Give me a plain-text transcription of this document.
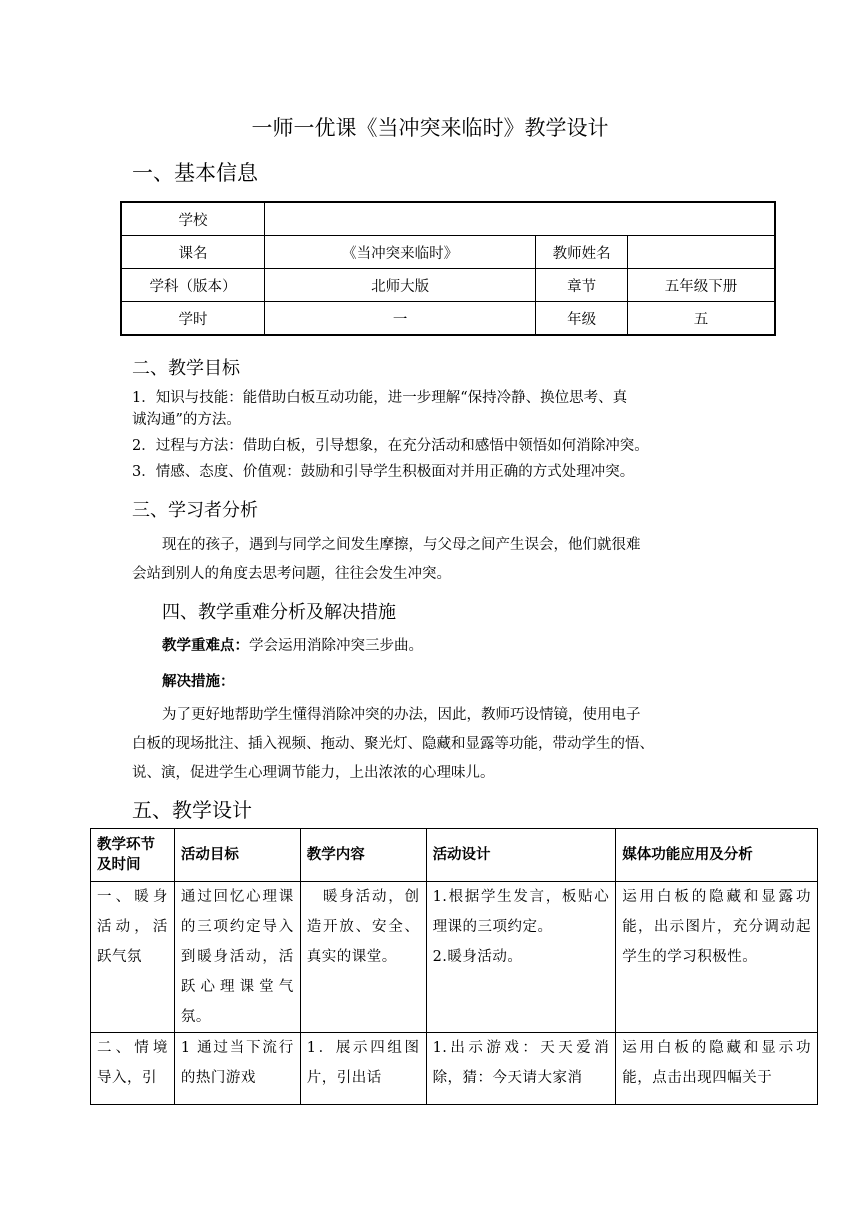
一师一优课《当冲突来临时》教学设计
一、基本信息
学校			
课名	《当冲突来临时》	教师姓名	
学科（版本）	北师大版	章节	五年级下册
学时	一	年级	五
二、教学目标

1．知识与技能：能借助白板互动功能，进一步理解“保持冷静、换位思考、真

诚沟通”的方法。

2．过程与方法：借助白板，引导想象，在充分活动和感悟中领悟如何消除冲突。

3．情感、态度、价值观：鼓励和引导学生积极面对并用正确的方式处理冲突。

三、学习者分析

现在的孩子，遇到与同学之间发生摩擦，与父母之间产生误会，他们就很难

会站到别人的角度去思考问题，往往会发生冲突。

四、教学重难分析及解决措施

教学重难点：学会运用消除冲突三步曲。

解决措施：

为了更好地帮助学生懂得消除冲突的办法，因此，教师巧设情镜，使用电子

白板的现场批注、插入视频、拖动、聚光灯、隐藏和显露等功能，带动学生的悟、

说、演，促进学生心理调节能力，上出浓浓的心理味儿。

五、教学设计
教学环节及时间	活动目标	教学内容	活动设计	媒体功能应用及分析

一、暖身活动，活跃气氛	通过回忆心理课的三项约定导入到暖身活动，活跃心理课堂气氛。	　暖身活动，创造开放、安全、真实的课堂。	1.根据学生发言，板贴心理课的三项约定。
2.暖身活动。	运用白板的隐藏和显露功能，出示图片，充分调动起学生的学习积极性。

二、情境导入，引	1 通过当下流行的热门游戏	1．展示四组图片，引出话	1.出示游戏：天天爱消除，猜：今天请大家消	运用白板的隐藏和显示功能，点击出现四幅关于
